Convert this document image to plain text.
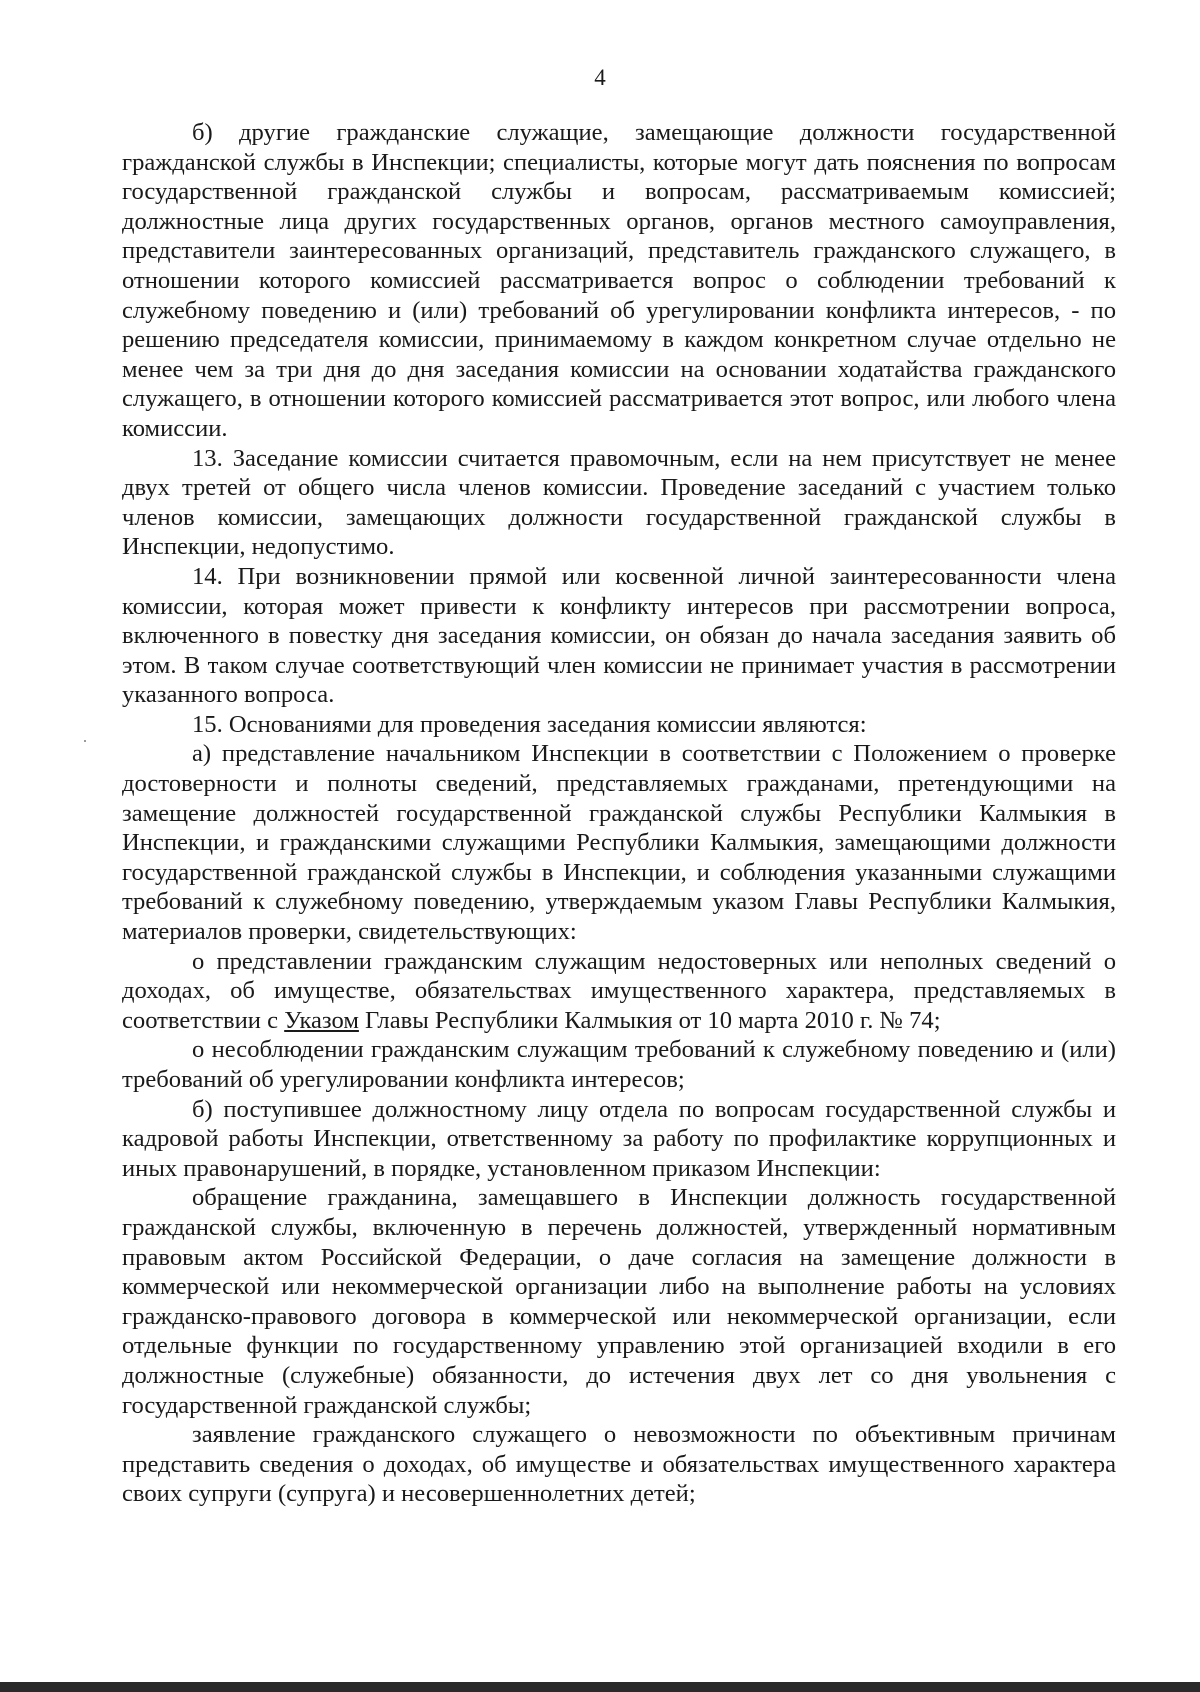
4

б) другие гражданские служащие, замещающие должности государственной гражданской службы в Инспекции; специалисты, которые могут дать пояснения по вопросам государственной гражданской службы и вопросам, рассматриваемым комиссией; должностные лица других государственных органов, органов местного самоуправления, представители заинтересованных организаций, представитель гражданского служащего, в отношении которого комиссией рассматривается вопрос о соблюдении требований к служебному поведению и (или) требований об урегулировании конфликта интересов, - по решению председателя комиссии, принимаемому в каждом конкретном случае отдельно не менее чем за три дня до дня заседания комиссии на основании ходатайства гражданского служащего, в отношении которого комиссией рассматривается этот вопрос, или любого члена комиссии.

13. Заседание комиссии считается правомочным, если на нем присутствует не менее двух третей от общего числа членов комиссии. Проведение заседаний с участием только членов комиссии, замещающих должности государственной гражданской службы в Инспекции, недопустимо.

14. При возникновении прямой или косвенной личной заинтересованности члена комиссии, которая может привести к конфликту интересов при рассмотрении вопроса, включенного в повестку дня заседания комиссии, он обязан до начала заседания заявить об этом. В таком случае соответствующий член комиссии не принимает участия в рассмотрении указанного вопроса.

15. Основаниями для проведения заседания комиссии являются:

а) представление начальником Инспекции в соответствии с Положением о проверке достоверности и полноты сведений, представляемых гражданами, претендующими на замещение должностей государственной гражданской службы Республики Калмыкия в Инспекции, и гражданскими служащими Республики Калмыкия, замещающими должности государственной гражданской службы в Инспекции, и соблюдения указанными служащими требований к служебному поведению, утверждаемым указом Главы Республики Калмыкия, материалов проверки, свидетельствующих:

о представлении гражданским служащим недостоверных или неполных сведений о доходах, об имуществе, обязательствах имущественного характера, представляемых в соответствии с Указом Главы Республики Калмыкия от 10 марта 2010 г. № 74;

о несоблюдении гражданским служащим требований к служебному поведению и (или) требований об урегулировании конфликта интересов;

б) поступившее должностному лицу отдела по вопросам государственной службы и кадровой работы Инспекции, ответственному за работу по профилактике коррупционных и иных правонарушений, в порядке, установленном приказом Инспекции:

обращение гражданина, замещавшего в Инспекции должность государственной гражданской службы, включенную в перечень должностей, утвержденный нормативным правовым актом Российской Федерации, о даче согласия на замещение должности в коммерческой или некоммерческой организации либо на выполнение работы на условиях гражданско-правового договора в коммерческой или некоммерческой организации, если отдельные функции по государственному управлению этой организацией входили в его должностные (служебные) обязанности, до истечения двух лет со дня увольнения с государственной гражданской службы;

заявление гражданского служащего о невозможности по объективным причинам представить сведения о доходах, об имуществе и обязательствах имущественного характера своих супруги (супруга) и несовершеннолетних детей;
